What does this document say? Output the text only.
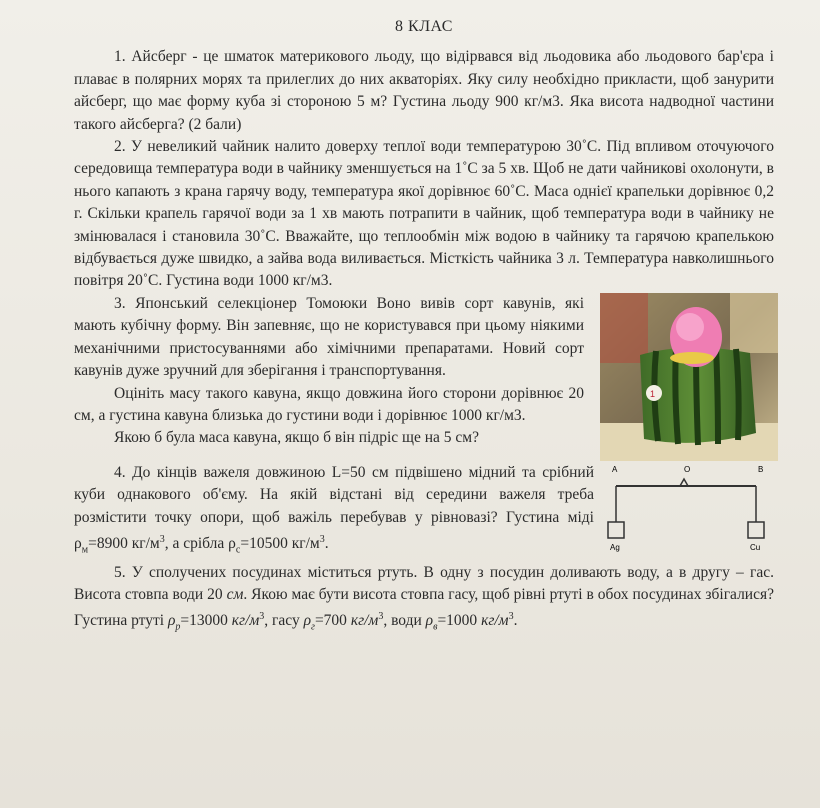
8 КЛАС

1. Айсберг - це шматок материкового льоду, що відірвався від льодовика або льодового бар'єра і плаває в полярних морях та прилеглих до них акваторіях. Яку силу необхідно прикласти, щоб занурити айсберг, що має форму куба зі стороною 5 м? Густина льоду 900 кг/м3. Яка висота надводної частини такого айсберга? (2 бали)

2. У невеликий чайник налито доверху теплої води температурою 30˚С. Під впливом оточуючого середовища температура води в чайнику зменшується на 1˚С за 5 хв. Щоб не дати чайникові охолонути, в нього капають з крана гарячу воду, температура якої дорівнює 60˚С. Маса однієї крапельки дорівнює 0,2 г. Скільки крапель гарячої води за 1 хв мають потрапити в чайник, щоб температура води в чайнику не змінювалася і становила 30˚С. Вважайте, що теплообмін між водою в чайнику та гарячою крапелькою відбувається дуже швидко, а зайва вода виливається. Місткість чайника 3 л. Температура навколишнього повітря 20˚С. Густина води 1000 кг/м3.

1

3. Японський селекціонер Томоюки Воно вивів сорт кавунів, які мають кубічну форму. Він запевняє, що не користувався при цьому ніякими механічними пристосуваннями або хімічними препаратами. Новий сорт кавунів дуже зручний для зберігання і транспортування.

Оцініть масу такого кавуна, якщо довжина його сторони дорівнює 20 см, а густина кавуна близька до густини води і дорівнює 1000 кг/м3.

Якою б була маса кавуна, якщо б він підріс ще на 5 см?

A	O	B
Ag	Cu

4. До кінців важеля довжиною L=50 см підвішено мідний та срібний куби однакового об'єму. На якій відстані від середини важеля треба розмістити точку опори, щоб важіль перебував у рівновазі? Густина міді $\rho_м=8900$ $кг/м^3$, а срібла $\rho_с=10500$ $кг/м^3$.

5. У сполучених посудинах міститься ртуть. В одну з посудин доливають воду, а в другу – гас. Висота стовпа води 20 см. Якою має бути висота стовпа гасу, щоб рівні ртуті в обох посудинах збігалися? Густина ртуті $\rho_р=13000$ $кг/м^3$, гасу $\rho_г=700$ $кг/м^3$, води $\rho_в=1000$ $кг/м^3$.
